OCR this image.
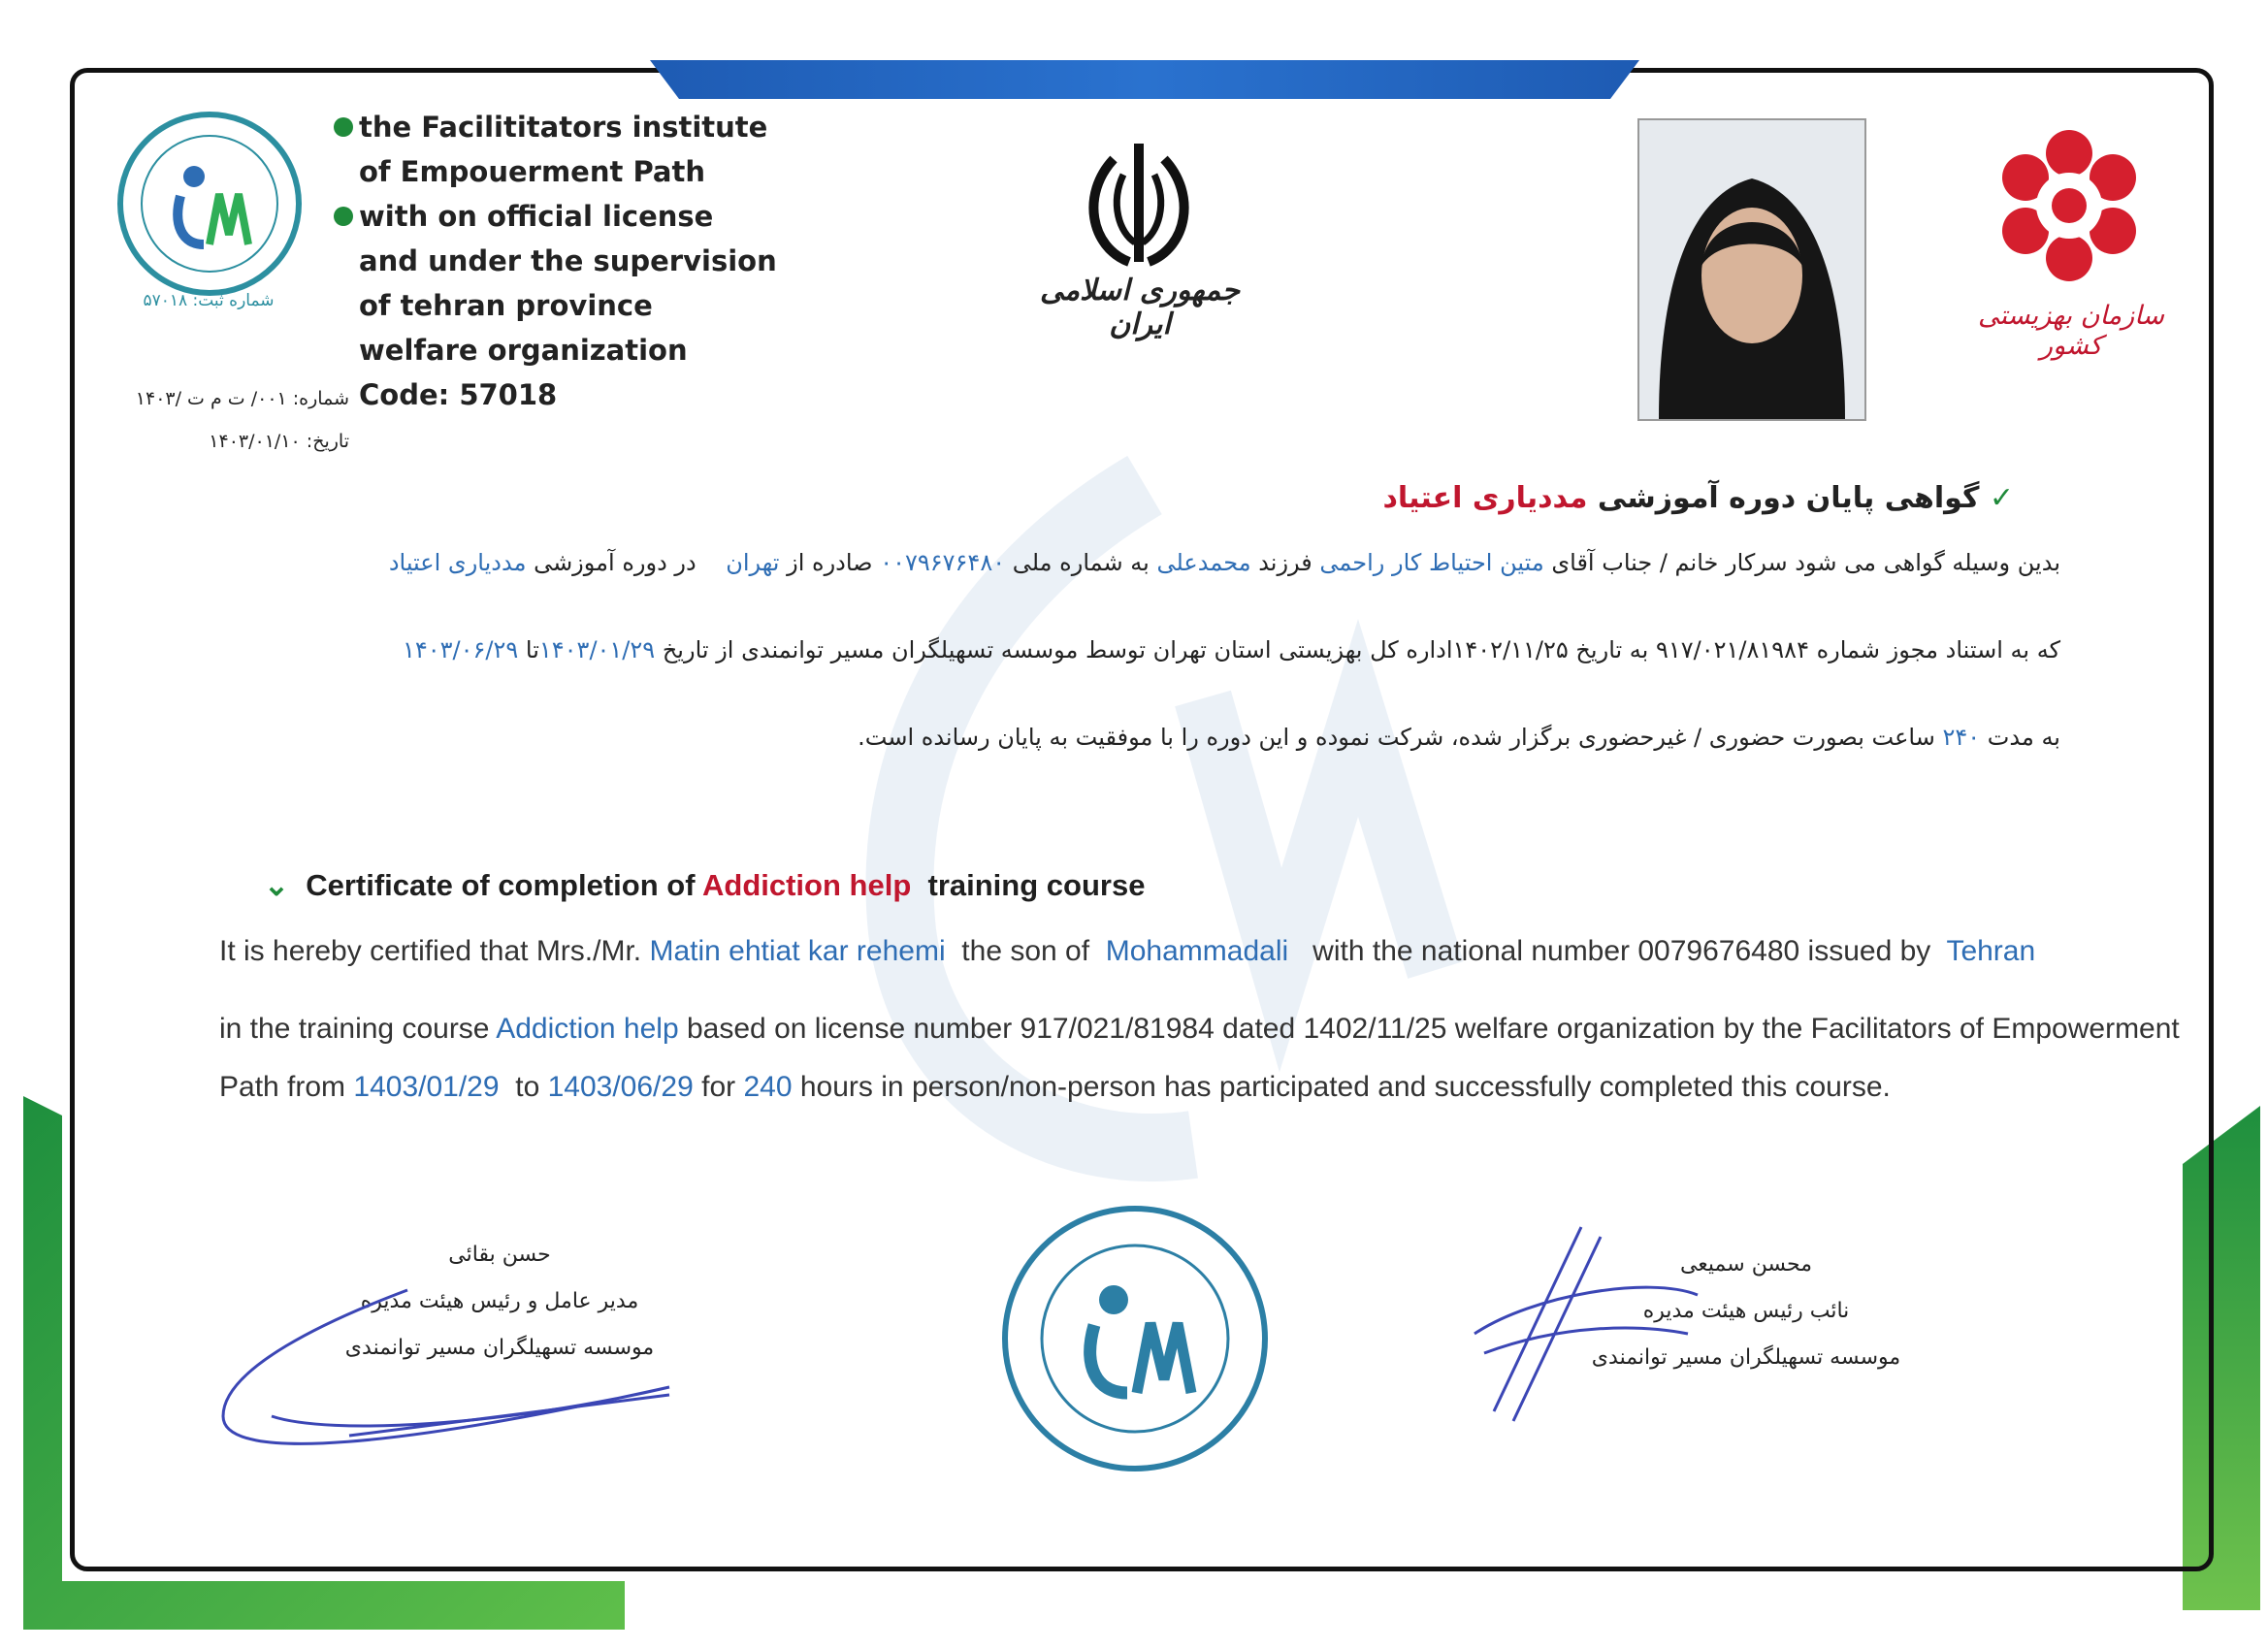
شماره ثبت: ۵۷۰۱۸
the Facilititators institute
of Empouerment Path
with on official license
and under the supervision
of tehran province
welfare organization
Code: 57018
شماره: ۰۰۱/ ت م ت /۱۴۰۳
تاریخ: ۱۴۰۳/۰۱/۱۰
جمهوری اسلامی ایران	سازمان بهزیستی کشور
✓ گواهی پایان دوره آموزشی مددیاری اعتیاد
بدین وسیله گواهی می شود سرکار خانم / جناب آقای متین احتیاط کار راحمی فرزند محمدعلی به شماره ملی ۰۰۷۹۶۷۶۴۸۰ صادره از تهران    در دوره آموزشی مددیاری اعتیاد
که به استناد مجوز شماره ۹۱۷/۰۲۱/۸۱۹۸۴ به تاریخ ۱۴۰۲/۱۱/۲۵اداره کل بهزیستی استان تهران توسط موسسه تسهیلگران مسیر توانمندی از تاریخ ۱۴۰۳/۰۱/۲۹تا ۱۴۰۳/۰۶/۲۹
به مدت ۲۴۰ ساعت بصورت حضوری / غیرحضوری برگزار شده، شرکت نموده و این دوره را با موفقیت به پایان رسانده است.
⌄ Certificate of completion of Addiction help training course
It is hereby certified that Mrs./Mr. Matin ehtiat kar rehemi the son of Mohammadali with the national number 0079676480 issued by Tehran
in the training course Addiction help based on license number 917/021/81984 dated 1402/11/25 welfare organization by the Facilitators of Empowerment
Path from 1403/01/29 to 1403/06/29 for 240 hours in person/non-person has participated and successfully completed this course.
حسن بقائی
مدیر عامل و رئیس هیئت مدیره
موسسه تسهیلگران مسیر توانمندی
محسن سمیعی
نائب رئیس هیئت مدیره
موسسه تسهیلگران مسیر توانمندی
